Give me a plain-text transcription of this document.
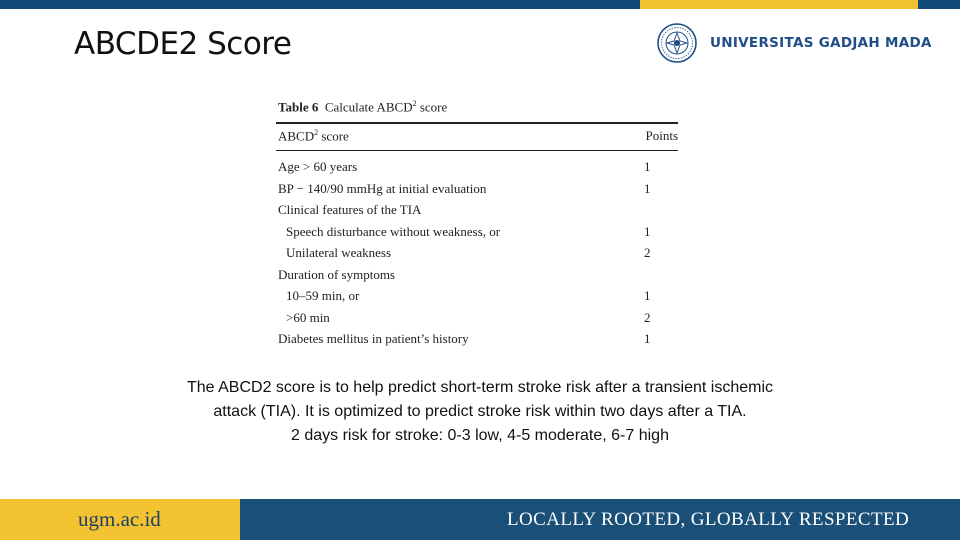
ABCDE2 Score	UNIVERSITAS GADJAH MADA
Table 6 Calculate ABCD$^2$ score
ABCD$^2$ score	Points
Age > 60 years	1
BP − 140/90 mmHg at initial evaluation	1
Clinical features of the TIA
Speech disturbance without weakness, or	1
Unilateral weakness	2
Duration of symptoms
10–59 min, or	1
>60 min	2
Diabetes mellitus in patient’s history	1
The ABCD2 score is to help predict short-term stroke risk after a transient ischemic
attack (TIA). It is optimized to predict stroke risk within two days after a TIA.
2 days risk for stroke: 0-3 low, 4-5 moderate, 6-7 high
ugm.ac.id	LOCALLY ROOTED, GLOBALLY RESPECTED
